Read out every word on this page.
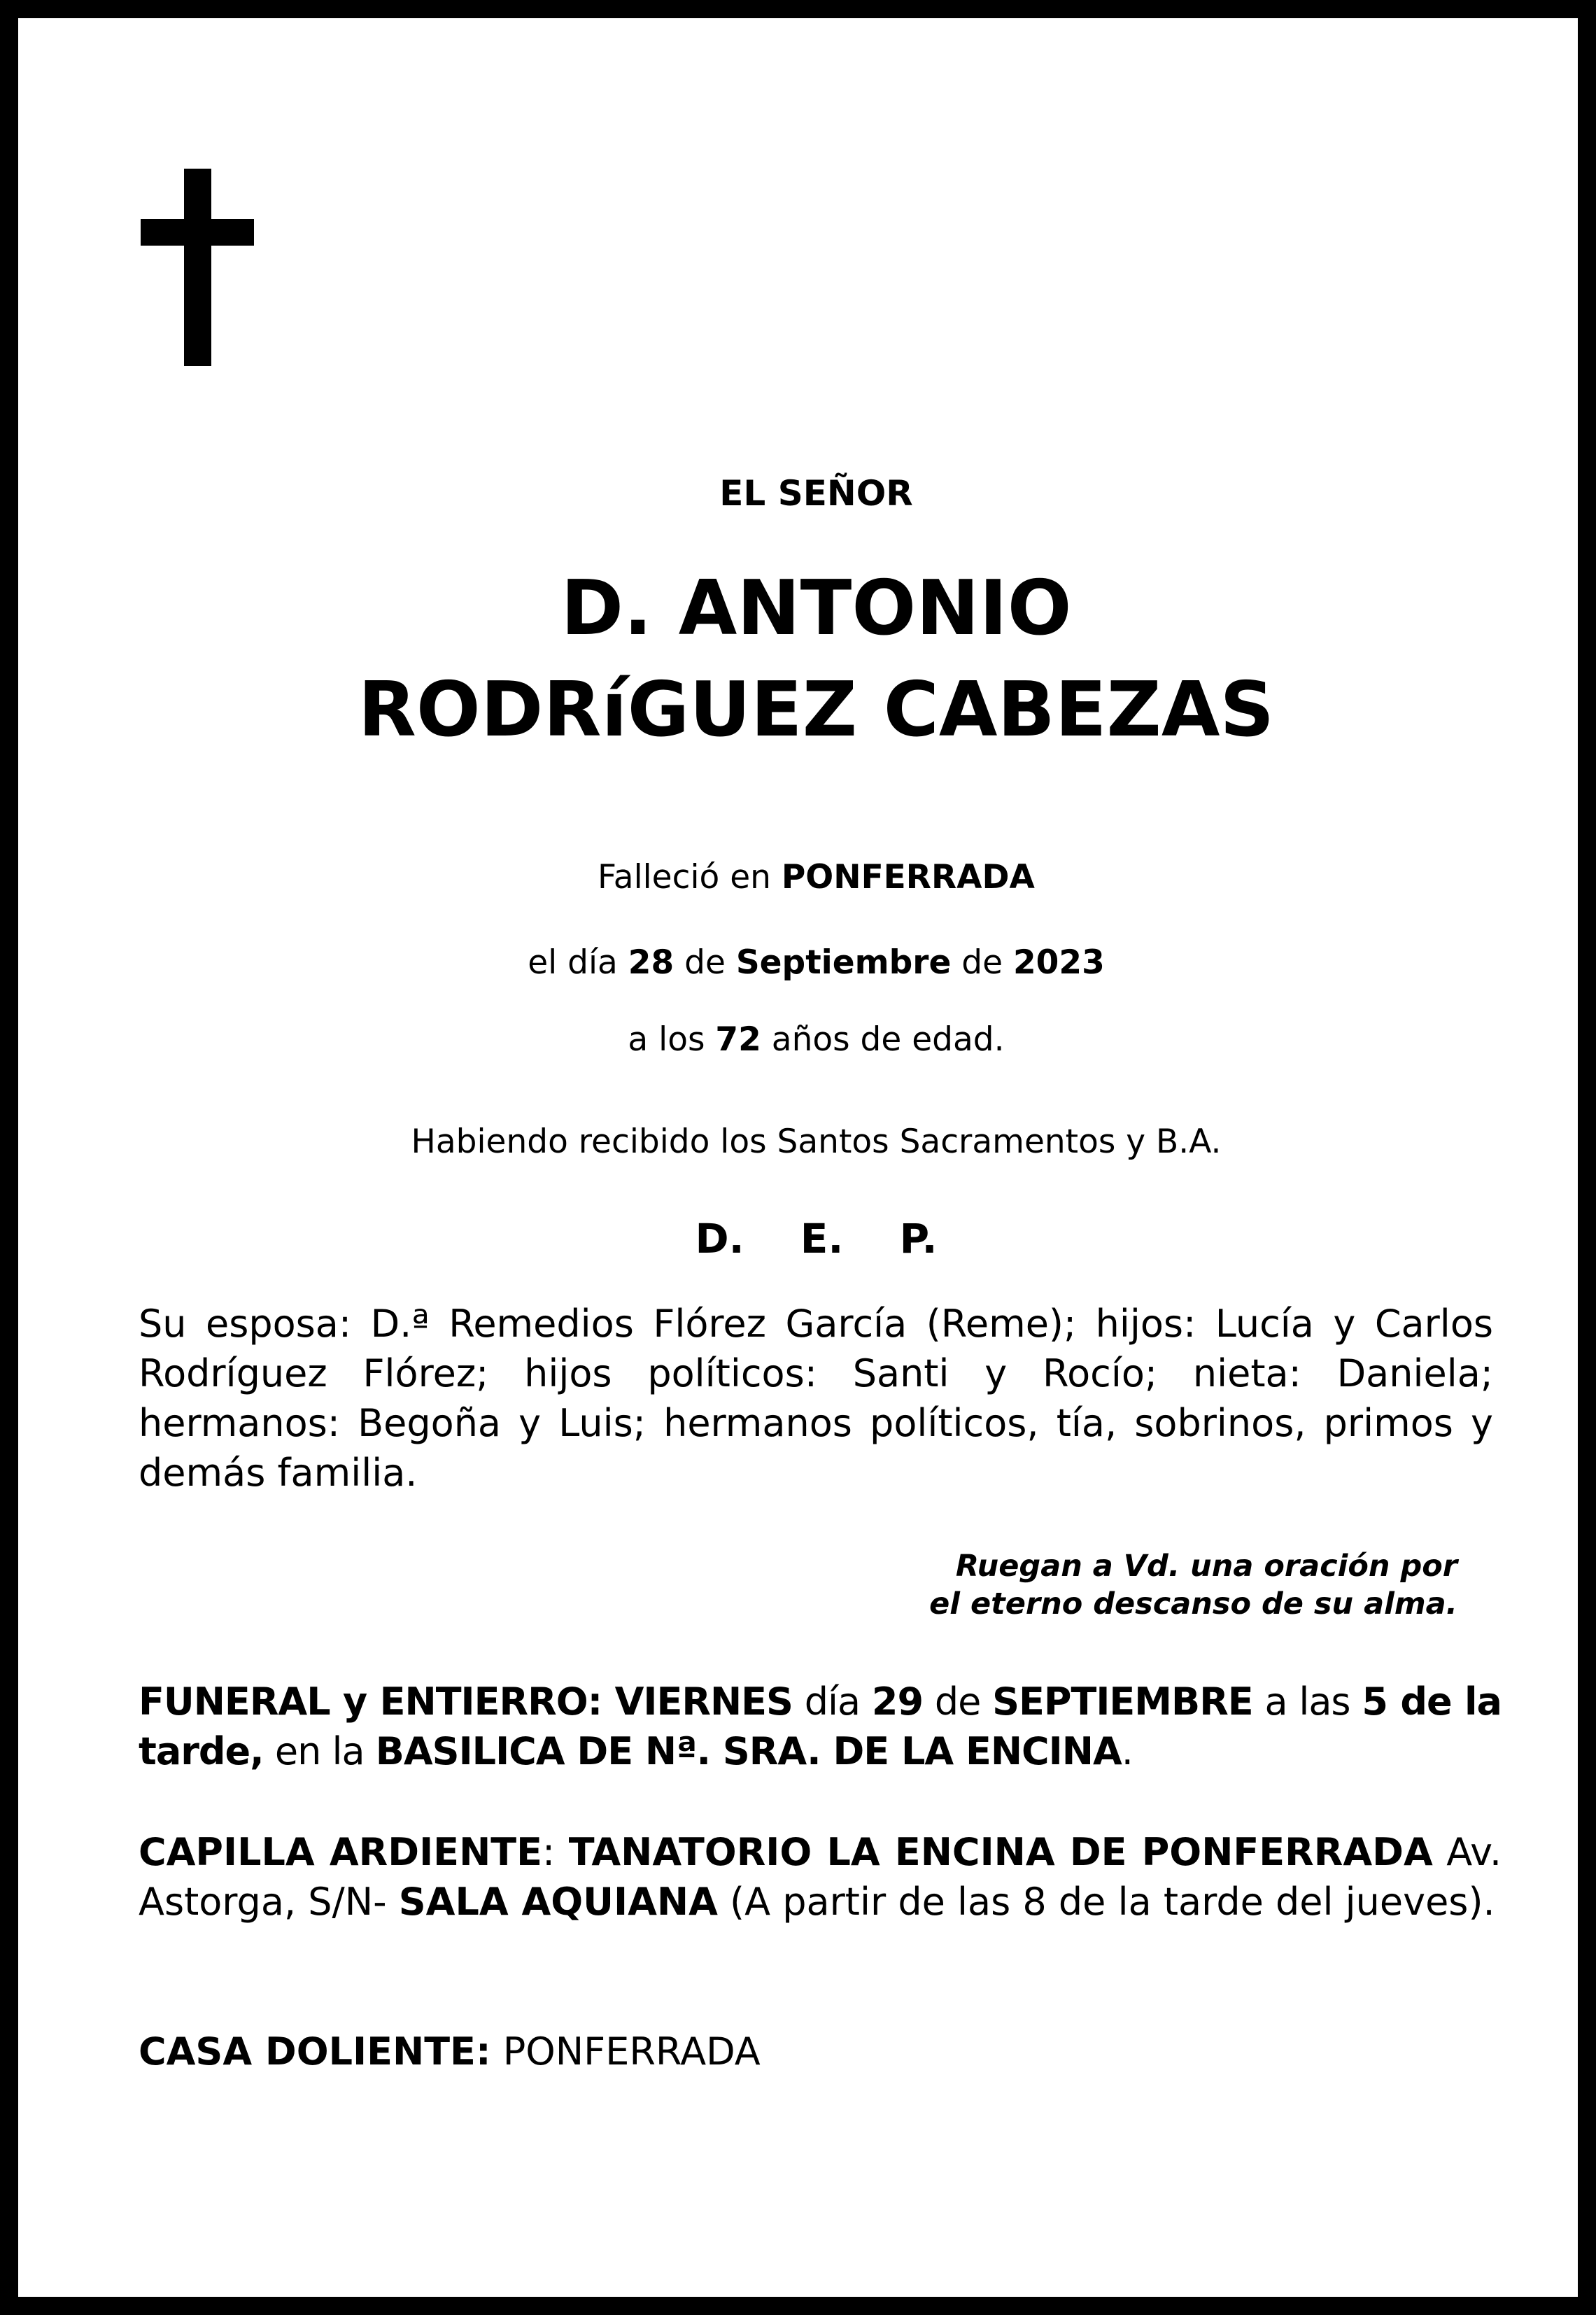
EL SEÑOR
D. ANTONIO
RODRíGUEZ CABEZAS
Falleció en PONFERRADA
el día 28 de Septiembre de 2023
a los 72 años de edad.
Habiendo recibido los Santos Sacramentos y B.A.
D. E. P.
Su esposa: D.ª Remedios Flórez García (Reme); hijos: Lucía y Carlos Rodríguez Flórez; hijos políticos: Santi y Rocío; nieta: Daniela; hermanos: Begoña y Luis; hermanos políticos, tía, sobrinos, primos y demás familia.
Ruegan a Vd. una oración por
el eterno descanso de su alma.
FUNERAL y ENTIERRO: VIERNES día 29 de SEPTIEMBRE a las 5 de la tarde, en la BASILICA DE Nª. SRA. DE LA ENCINA.
CAPILLA ARDIENTE: TANATORIO LA ENCINA DE PONFERRADA Av. Astorga, S/N- SALA AQUIANA (A partir de las 8 de la tarde del jueves).
CASA DOLIENTE: PONFERRADA
